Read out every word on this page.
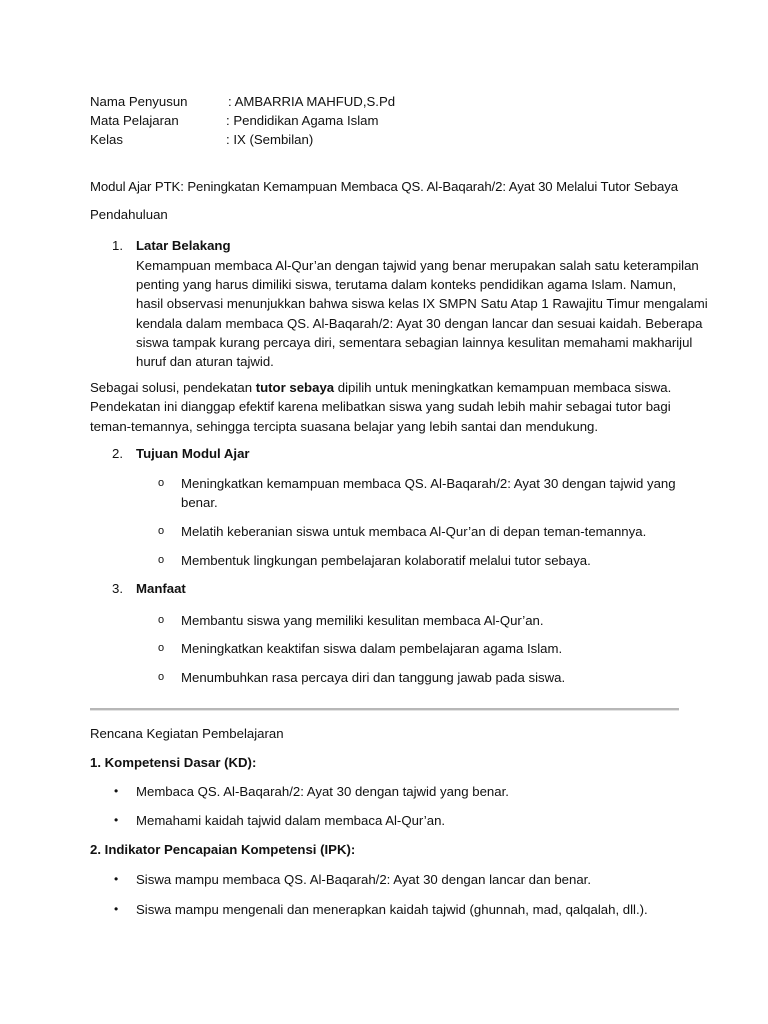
Nama Penyusun	: AMBARRIA MAHFUD,S.Pd
Mata Pelajaran	: Pendidikan Agama Islam
Kelas	: IX (Sembilan)
Modul Ajar PTK: Peningkatan Kemampuan Membaca QS. Al-Baqarah/2: Ayat 30 Melalui Tutor Sebaya
Pendahuluan
1. Latar Belakang
Kemampuan membaca Al-Qur’an dengan tajwid yang benar merupakan salah satu keterampilan
penting yang harus dimiliki siswa, terutama dalam konteks pendidikan agama Islam. Namun,
hasil observasi menunjukkan bahwa siswa kelas IX SMPN Satu Atap 1 Rawajitu Timur mengalami
kendala dalam membaca QS. Al-Baqarah/2: Ayat 30 dengan lancar dan sesuai kaidah. Beberapa
siswa tampak kurang percaya diri, sementara sebagian lainnya kesulitan memahami makharijul
huruf dan aturan tajwid.
Sebagai solusi, pendekatan tutor sebaya dipilih untuk meningkatkan kemampuan membaca siswa.
Pendekatan ini dianggap efektif karena melibatkan siswa yang sudah lebih mahir sebagai tutor bagi
teman-temannya, sehingga tercipta suasana belajar yang lebih santai dan mendukung.
2. Tujuan Modul Ajar
o Meningkatkan kemampuan membaca QS. Al-Baqarah/2: Ayat 30 dengan tajwid yang
benar.
o Melatih keberanian siswa untuk membaca Al-Qur’an di depan teman-temannya.
o Membentuk lingkungan pembelajaran kolaboratif melalui tutor sebaya.
3. Manfaat
o Membantu siswa yang memiliki kesulitan membaca Al-Qur’an.
o Meningkatkan keaktifan siswa dalam pembelajaran agama Islam.
o Menumbuhkan rasa percaya diri dan tanggung jawab pada siswa.
Rencana Kegiatan Pembelajaran
1. Kompetensi Dasar (KD):
• Membaca QS. Al-Baqarah/2: Ayat 30 dengan tajwid yang benar.
• Memahami kaidah tajwid dalam membaca Al-Qur’an.
2. Indikator Pencapaian Kompetensi (IPK):
• Siswa mampu membaca QS. Al-Baqarah/2: Ayat 30 dengan lancar dan benar.
• Siswa mampu mengenali dan menerapkan kaidah tajwid (ghunnah, mad, qalqalah, dll.).
